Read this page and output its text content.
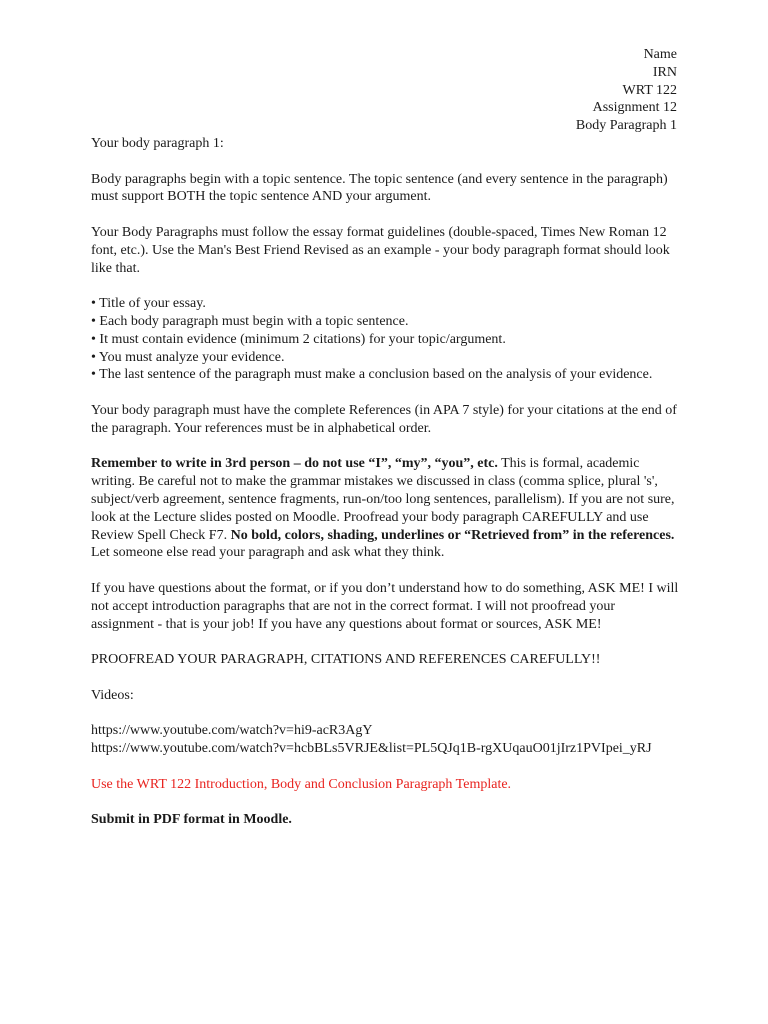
Name
IRN
WRT 122
Assignment 12
Body Paragraph 1

Your body paragraph 1:

Body paragraphs begin with a topic sentence. The topic sentence (and every sentence in the paragraph) must support BOTH the topic sentence AND your argument.

Your Body Paragraphs must follow the essay format guidelines (double-spaced, Times New Roman 12 font, etc.). Use the Man's Best Friend Revised as an example - your body paragraph format should look like that.

• Title of your essay.
• Each body paragraph must begin with a topic sentence.
• It must contain evidence (minimum 2 citations) for your topic/argument.
• You must analyze your evidence.
• The last sentence of the paragraph must make a conclusion based on the analysis of your evidence.

Your body paragraph must have the complete References (in APA 7 style) for your citations at the end of the paragraph. Your references must be in alphabetical order.

Remember to write in 3rd person – do not use “I”, “my”, “you”, etc. This is formal, academic writing. Be careful not to make the grammar mistakes we discussed in class (comma splice, plural 's', subject/verb agreement, sentence fragments, run-on/too long sentences, parallelism). If you are not sure, look at the Lecture slides posted on Moodle. Proofread your body paragraph CAREFULLY and use Review Spell Check F7. No bold, colors, shading, underlines or “Retrieved from” in the references. Let someone else read your paragraph and ask what they think.

If you have questions about the format, or if you don’t understand how to do something, ASK ME! I will not accept introduction paragraphs that are not in the correct format. I will not proofread your assignment - that is your job! If you have any questions about format or sources, ASK ME!

PROOFREAD YOUR PARAGRAPH, CITATIONS AND REFERENCES CAREFULLY!!

Videos:

https://www.youtube.com/watch?v=hi9-acR3AgY

https://www.youtube.com/watch?v=hcbBLs5VRJE&list=PL5QJq1B-rgXUqauO01jIrz1PVIpei_yRJ

Use the WRT 122 Introduction, Body and Conclusion Paragraph Template.

Submit in PDF format in Moodle.
